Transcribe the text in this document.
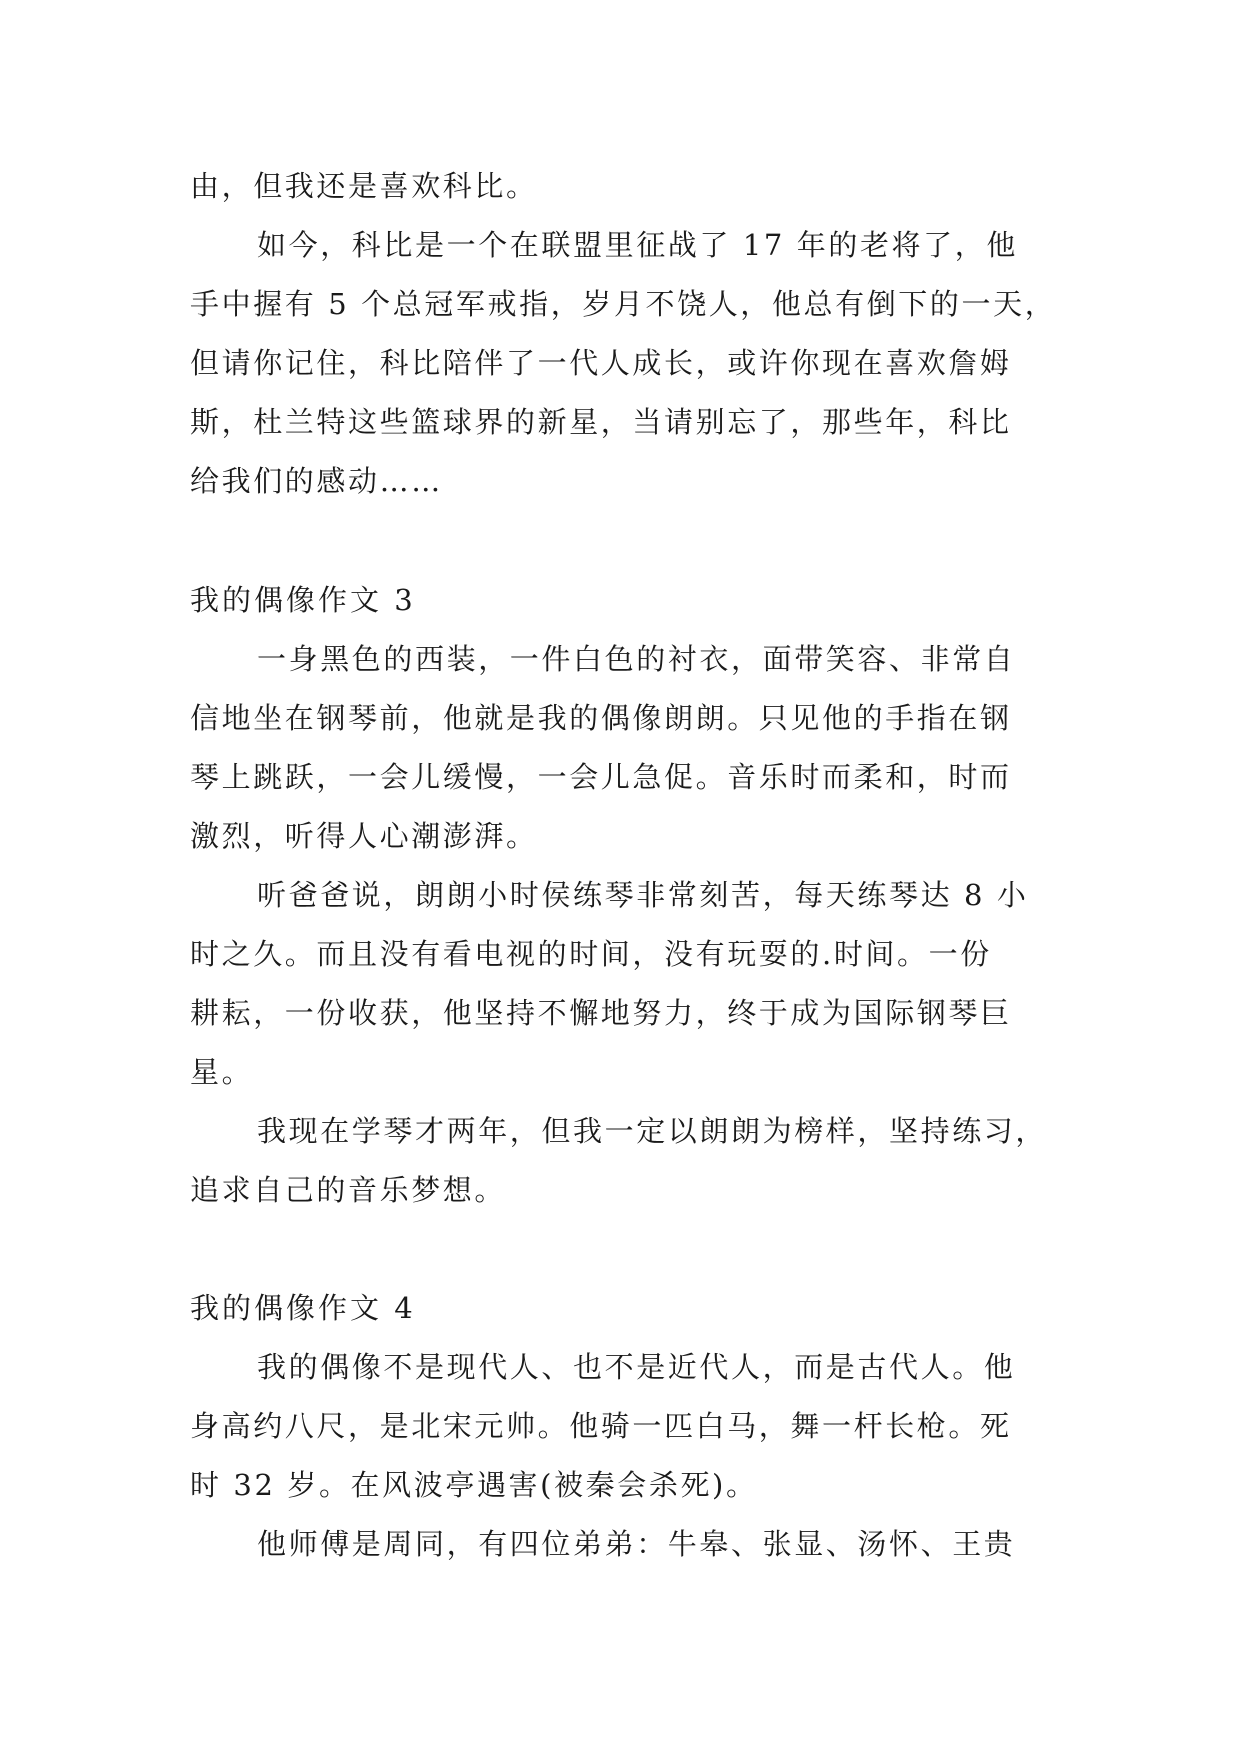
由，但我还是喜欢科比。
如今，科比是一个在联盟里征战了 17 年的老将了，他
手中握有 5 个总冠军戒指，岁月不饶人，他总有倒下的一天，
但请你记住，科比陪伴了一代人成长，或许你现在喜欢詹姆
斯，杜兰特这些篮球界的新星，当请别忘了，那些年，科比
给我们的感动……
我的偶像作文 3
一身黑色的西装，一件白色的衬衣，面带笑容、非常自
信地坐在钢琴前，他就是我的偶像朗朗。只见他的手指在钢
琴上跳跃，一会儿缓慢，一会儿急促。音乐时而柔和，时而
激烈，听得人心潮澎湃。
听爸爸说，朗朗小时侯练琴非常刻苦，每天练琴达 8 小
时之久。而且没有看电视的时间，没有玩耍的.时间。一份
耕耘，一份收获，他坚持不懈地努力，终于成为国际钢琴巨
星。
我现在学琴才两年，但我一定以朗朗为榜样，坚持练习，
追求自己的音乐梦想。
我的偶像作文 4
我的偶像不是现代人、也不是近代人，而是古代人。他
身高约八尺，是北宋元帅。他骑一匹白马，舞一杆长枪。死
时 32 岁。在风波亭遇害(被秦会杀死)。
他师傅是周同，有四位弟弟：牛皋、张显、汤怀、王贵
